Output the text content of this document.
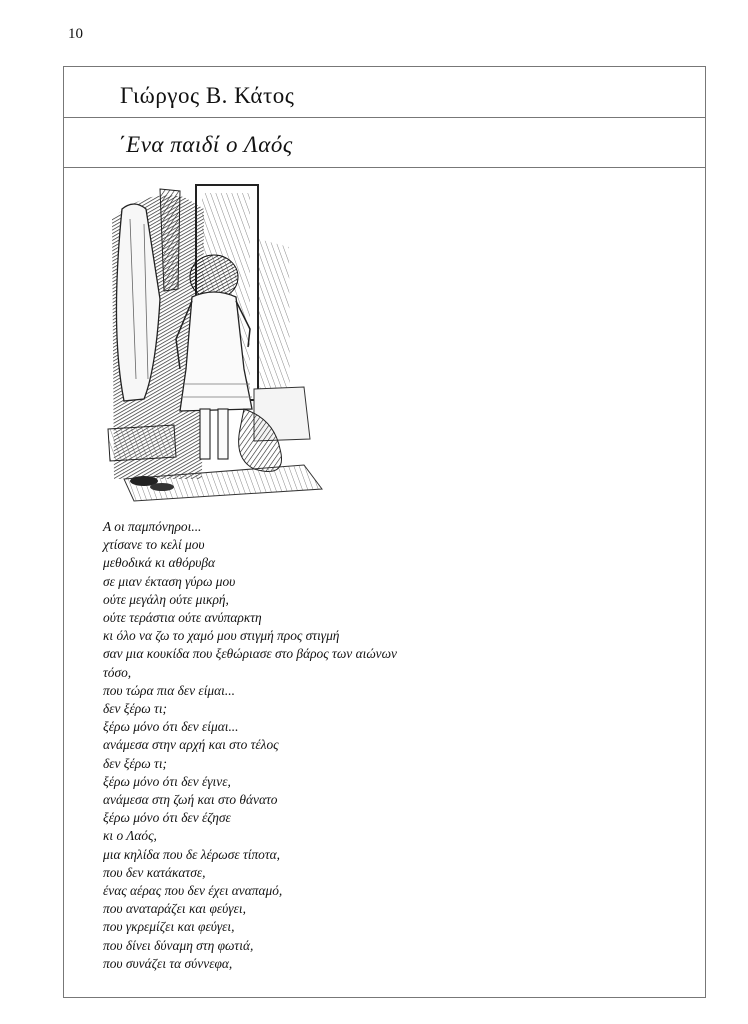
10
Γιώργος Β. Κάτος
΄Ενα παιδί ο Λαός
Α οι παμπόνηροι...
χτίσανε το κελί μου
μεθοδικά κι αθόρυβα
σε μιαν έκταση γύρω μου
ούτε μεγάλη ούτε μικρή,
ούτε τεράστια ούτε ανύπαρκτη
κι όλο να ζω το χαμό μου στιγμή προς στιγμή
σαν μια κουκίδα που ξεθώριασε στο βάρος των αιώνων
τόσο,
που τώρα πια δεν είμαι...
δεν ξέρω τι;
ξέρω μόνο ότι δεν είμαι...
ανάμεσα στην αρχή και στο τέλος
δεν ξέρω τι;
ξέρω μόνο ότι δεν έγινε,
ανάμεσα στη ζωή και στο θάνατο
ξέρω μόνο ότι δεν έζησε
κι ο Λαός,
μια κηλίδα που δε λέρωσε τίποτα,
που δεν κατάκατσε,
ένας αέρας που δεν έχει αναπαμό,
που αναταράζει και φεύγει,
που γκρεμίζει και φεύγει,
που δίνει δύναμη στη φωτιά,
που συνάζει τα σύννεφα,
